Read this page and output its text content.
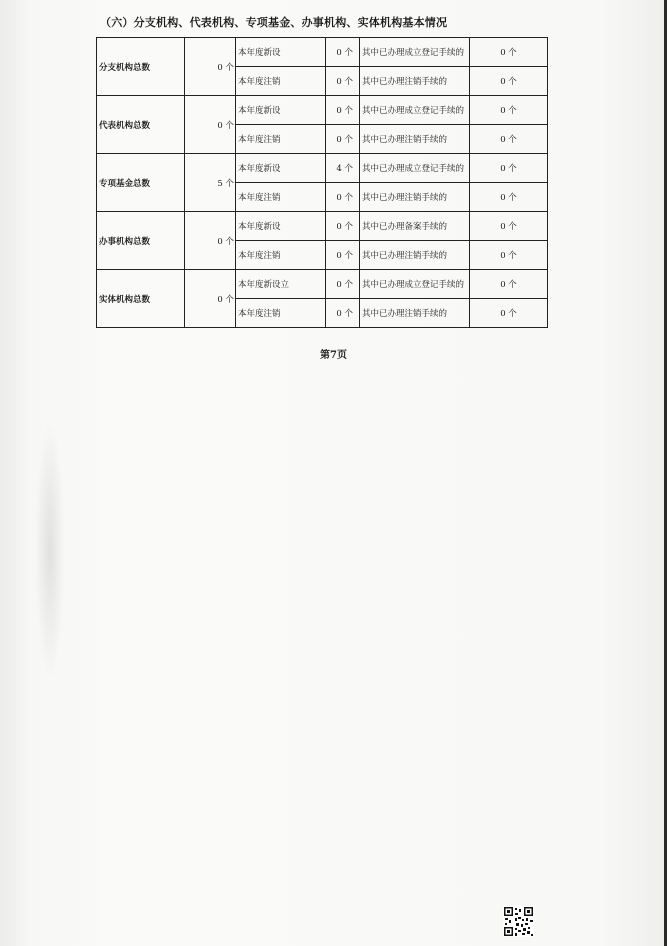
（六）分支机构、代表机构、专项基金、办事机构、实体机构基本情况
分支机构总数	0 个	本年度新设	0 个	其中已办理成立登记手续的	0 个
		本年度注销	0 个	其中已办理注销手续的	0 个
代表机构总数	0 个	本年度新设	0 个	其中已办理成立登记手续的	0 个
		本年度注销	0 个	其中已办理注销手续的	0 个
专项基金总数	5 个	本年度新设	4 个	其中已办理成立登记手续的	0 个
		本年度注销	0 个	其中已办理注销手续的	0 个
办事机构总数	0 个	本年度新设	0 个	其中已办理备案手续的	0 个
		本年度注销	0 个	其中已办理注销手续的	0 个
实体机构总数	0 个	本年度新设立	0 个	其中已办理成立登记手续的	0 个
		本年度注销	0 个	其中已办理注销手续的	0 个
第7页
